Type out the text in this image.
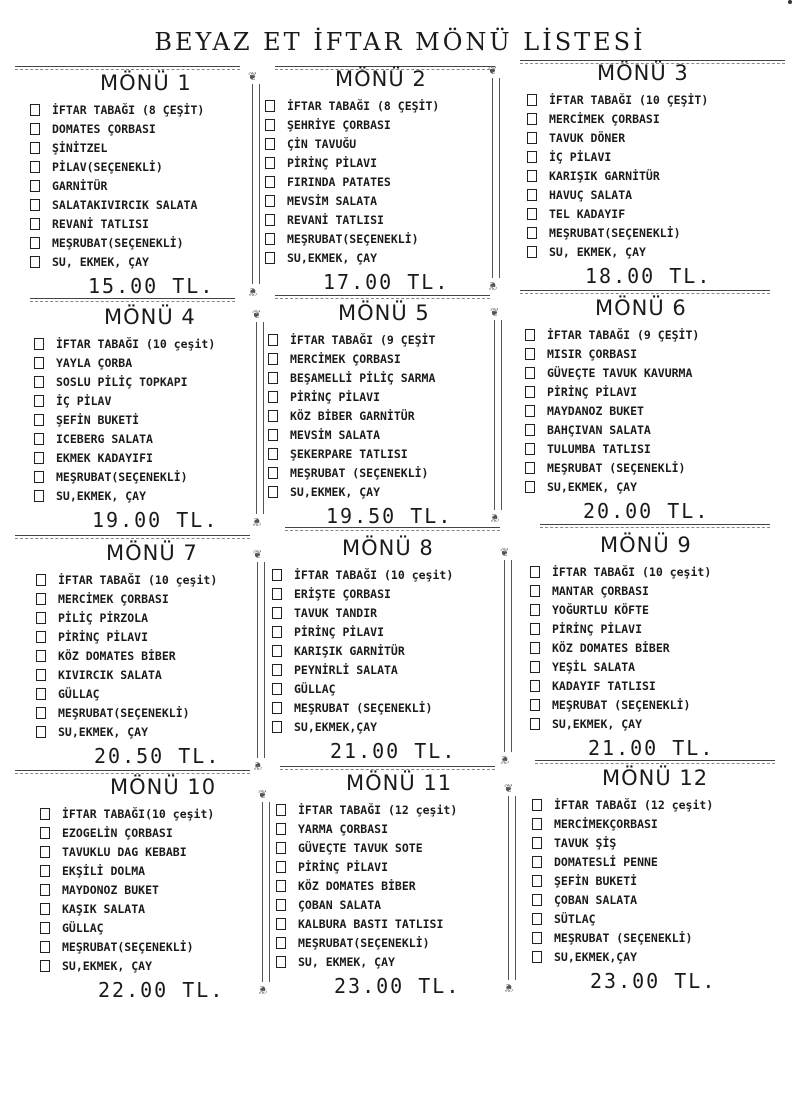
BEYAZ ET İFTAR MÖNÜ LİSTESİ
❦ ❦
❦ ❦
❦ ❦
❦ ❦
❦ ❦
❦ ❦
❦ ❦
❦ ❦
MÖNÜ 1
İFTAR TABAĞI (8 ÇEŞİT)
DOMATES ÇORBASI
ŞİNİTZEL
PİLAV(SEÇENEKLİ)
GARNİTÜR
SALATAKIVIRCIK SALATA
REVANİ TATLISI
MEŞRUBAT(SEÇENEKLİ)
SU, EKMEK, ÇAY
15.00 TL.
MÖNÜ 2
İFTAR TABAĞI (8 ÇEŞİT)
ŞEHRİYE ÇORBASI
ÇİN TAVUĞU
PİRİNÇ PİLAVI
FIRINDA PATATES
MEVSİM SALATA
REVANİ TATLISI
MEŞRUBAT(SEÇENEKLİ)
SU,EKMEK, ÇAY
17.00 TL.
MÖNÜ 3
İFTAR TABAĞI (10 ÇEŞİT)
MERCİMEK ÇORBASI
TAVUK DÖNER
İÇ PİLAVI
KARIŞIK GARNİTÜR
HAVUÇ SALATA
TEL KADAYIF
MEŞRUBAT(SEÇENEKLİ)
SU, EKMEK, ÇAY
18.00 TL.
MÖNÜ 4
İFTAR TABAĞI (10 çeşit)
YAYLA ÇORBA
SOSLU PİLİÇ TOPKAPI
İÇ PİLAV
ŞEFİN BUKETİ
ICEBERG SALATA
EKMEK KADAYIFI
MEŞRUBAT(SEÇENEKLİ)
SU,EKMEK, ÇAY
19.00 TL.
MÖNÜ 5
İFTAR TABAĞI (9 ÇEŞİT
MERCİMEK ÇORBASI
BEŞAMELLİ PİLİÇ SARMA
PİRİNÇ PİLAVI
KÖZ BİBER GARNİTÜR
MEVSİM SALATA
ŞEKERPARE TATLISI
MEŞRUBAT (SEÇENEKLİ)
SU,EKMEK, ÇAY
19.50 TL.
MÖNÜ 6
İFTAR TABAĞI (9 ÇEŞİT)
MISIR ÇORBASI
GÜVEÇTE TAVUK KAVURMA
PİRİNÇ PİLAVI
MAYDANOZ BUKET
BAHÇIVAN SALATA
TULUMBA TATLISI
MEŞRUBAT (SEÇENEKLİ)
SU,EKMEK, ÇAY
20.00 TL.
MÖNÜ 7
İFTAR TABAĞI (10 çeşit)
MERCİMEK ÇORBASI
PİLİÇ PİRZOLA
PİRİNÇ PİLAVI
KÖZ DOMATES BİBER
KIVIRCIK SALATA
GÜLLAÇ
MEŞRUBAT(SEÇENEKLİ)
SU,EKMEK, ÇAY
20.50 TL.
MÖNÜ 8
İFTAR TABAĞI (10 çeşit)
ERİŞTE ÇORBASI
TAVUK TANDIR
PİRİNÇ PİLAVI
KARIŞIK GARNİTÜR
PEYNİRLİ SALATA
GÜLLAÇ
MEŞRUBAT (SEÇENEKLİ)
SU,EKMEK,ÇAY
21.00 TL.
MÖNÜ 9
İFTAR TABAĞI (10 çeşit)
MANTAR ÇORBASI
YOĞURTLU KÖFTE
PİRİNÇ PİLAVI
KÖZ DOMATES BİBER
YEŞİL SALATA
KADAYIF TATLISI
MEŞRUBAT (SEÇENEKLİ)
SU,EKMEK, ÇAY
21.00 TL.
MÖNÜ 10
İFTAR TABAĞI(10 çeşit)
EZOGELİN ÇORBASI
TAVUKLU DAG KEBABI
EKŞİLİ DOLMA
MAYDONOZ BUKET
KAŞIK SALATA
GÜLLAÇ
MEŞRUBAT(SEÇENEKLİ)
SU,EKMEK, ÇAY
22.00 TL.
MÖNÜ 11
İFTAR TABAĞI (12 çeşit)
YARMA ÇORBASI
GÜVEÇTE TAVUK SOTE
PİRİNÇ PİLAVI
KÖZ DOMATES BİBER
ÇOBAN SALATA
KALBURA BASTI TATLISI
MEŞRUBAT(SEÇENEKLİ)
SU, EKMEK, ÇAY
23.00 TL.
MÖNÜ 12
İFTAR TABAĞI (12 çeşit)
MERCİMEKÇORBASI
TAVUK ŞİŞ
DOMATESLİ PENNE
ŞEFİN BUKETİ
ÇOBAN SALATA
SÜTLAÇ
MEŞRUBAT (SEÇENEKLİ)
SU,EKMEK,ÇAY
23.00 TL.
